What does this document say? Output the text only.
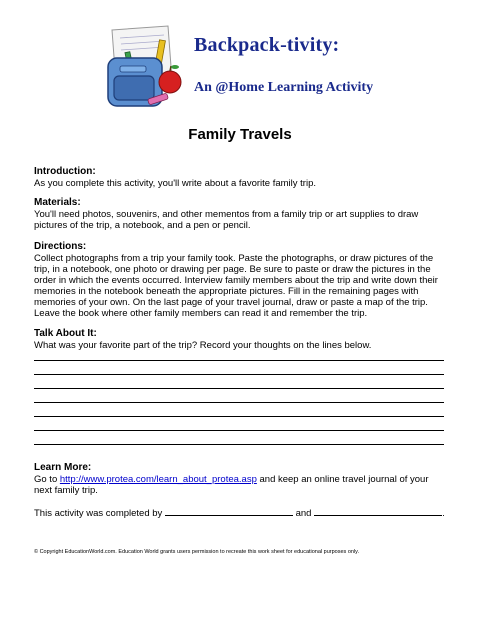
Backpack-tivity:
An @Home Learning Activity
Family Travels
Introduction:
As you complete this activity, you'll write about a favorite family trip.
Materials:
You'll need photos, souvenirs, and other mementos from a family trip or art supplies to draw pictures of the trip, a notebook, and a pen or pencil.
Directions:
Collect photographs from a trip your family took. Paste the photographs, or draw pictures of the trip, in a notebook, one photo or drawing per page. Be sure to paste or draw the pictures in the order in which the events occurred. Interview family members about the trip and write down their memories in the notebook beneath the appropriate pictures. Fill in the remaining pages with memories of your own. On the last page of your travel journal, draw or paste a map of the trip. Leave the book where other family members can read it and remember the trip.
Talk About It:
What was your favorite part of the trip? Record your thoughts on the lines below.
Learn More:
Go to http://www.protea.com/learn_about_protea.asp and keep an online travel journal of your next family trip.
This activity was completed by	and	.
© Copyright EducationWorld.com. Education World grants users permission to recreate this work sheet for educational purposes only.
